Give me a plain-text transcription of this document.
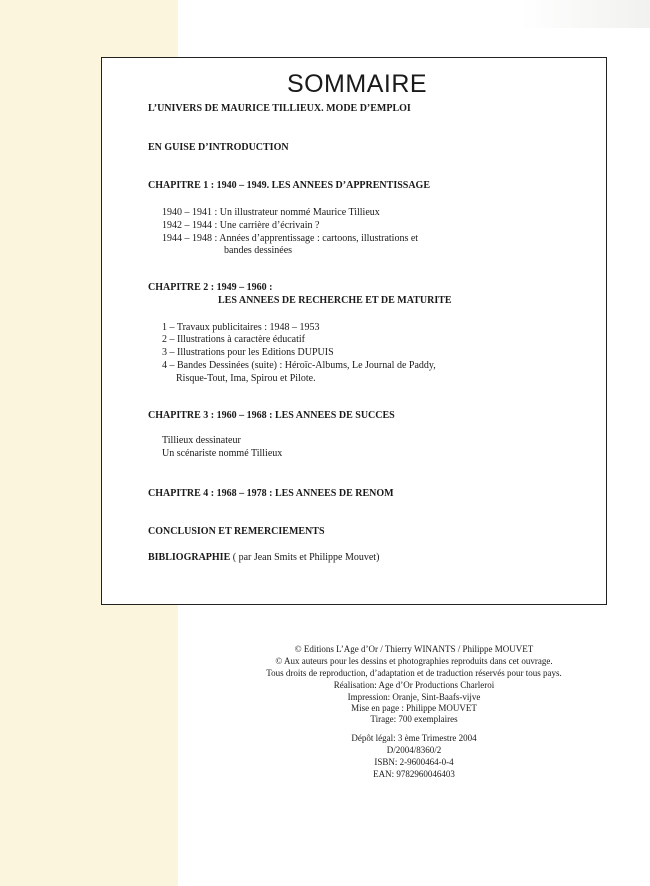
SOMMAIRE
L’UNIVERS DE MAURICE TILLIEUX. MODE D’EMPLOI
EN GUISE D’INTRODUCTION
CHAPITRE 1 : 1940 – 1949. LES ANNEES D’APPRENTISSAGE
1940 – 1941 : Un illustrateur nommé Maurice Tillieux
1942 – 1944 : Une carrière d’écrivain ?
1944 – 1948 : Années d’apprentissage : cartoons, illustrations et
bandes dessinées
CHAPITRE 2 : 1949 – 1960 :
LES ANNEES DE RECHERCHE ET DE MATURITE
1 – Travaux publicitaires : 1948 – 1953
2 – Illustrations à caractère éducatif
3 – Illustrations pour les Editions DUPUIS
4 – Bandes Dessinées (suite) : Héroïc-Albums, Le Journal de Paddy,
Risque-Tout, Ima, Spirou et Pilote.
CHAPITRE 3 : 1960 – 1968 : LES ANNEES DE SUCCES
Tillieux dessinateur
Un scénariste nommé Tillieux
CHAPITRE 4 : 1968 – 1978 : LES ANNEES DE RENOM
CONCLUSION ET REMERCIEMENTS
BIBLIOGRAPHIE ( par Jean Smits et Philippe Mouvet)
© Editions L’Age d’Or / Thierry WINANTS / Philippe MOUVET
© Aux auteurs pour les dessins et photographies reproduits dans cet ouvrage.
Tous droits de reproduction, d’adaptation et de traduction réservés pour tous pays.
Réalisation: Age d’Or Productions Charleroi
Impression: Oranje, Sint-Baafs-vijve
Mise en page : Philippe MOUVET
Tirage: 700 exemplaires
Dépôt légal: 3 ème Trimestre 2004
D/2004/8360/2
ISBN: 2-9600464-0-4
EAN: 9782960046403
